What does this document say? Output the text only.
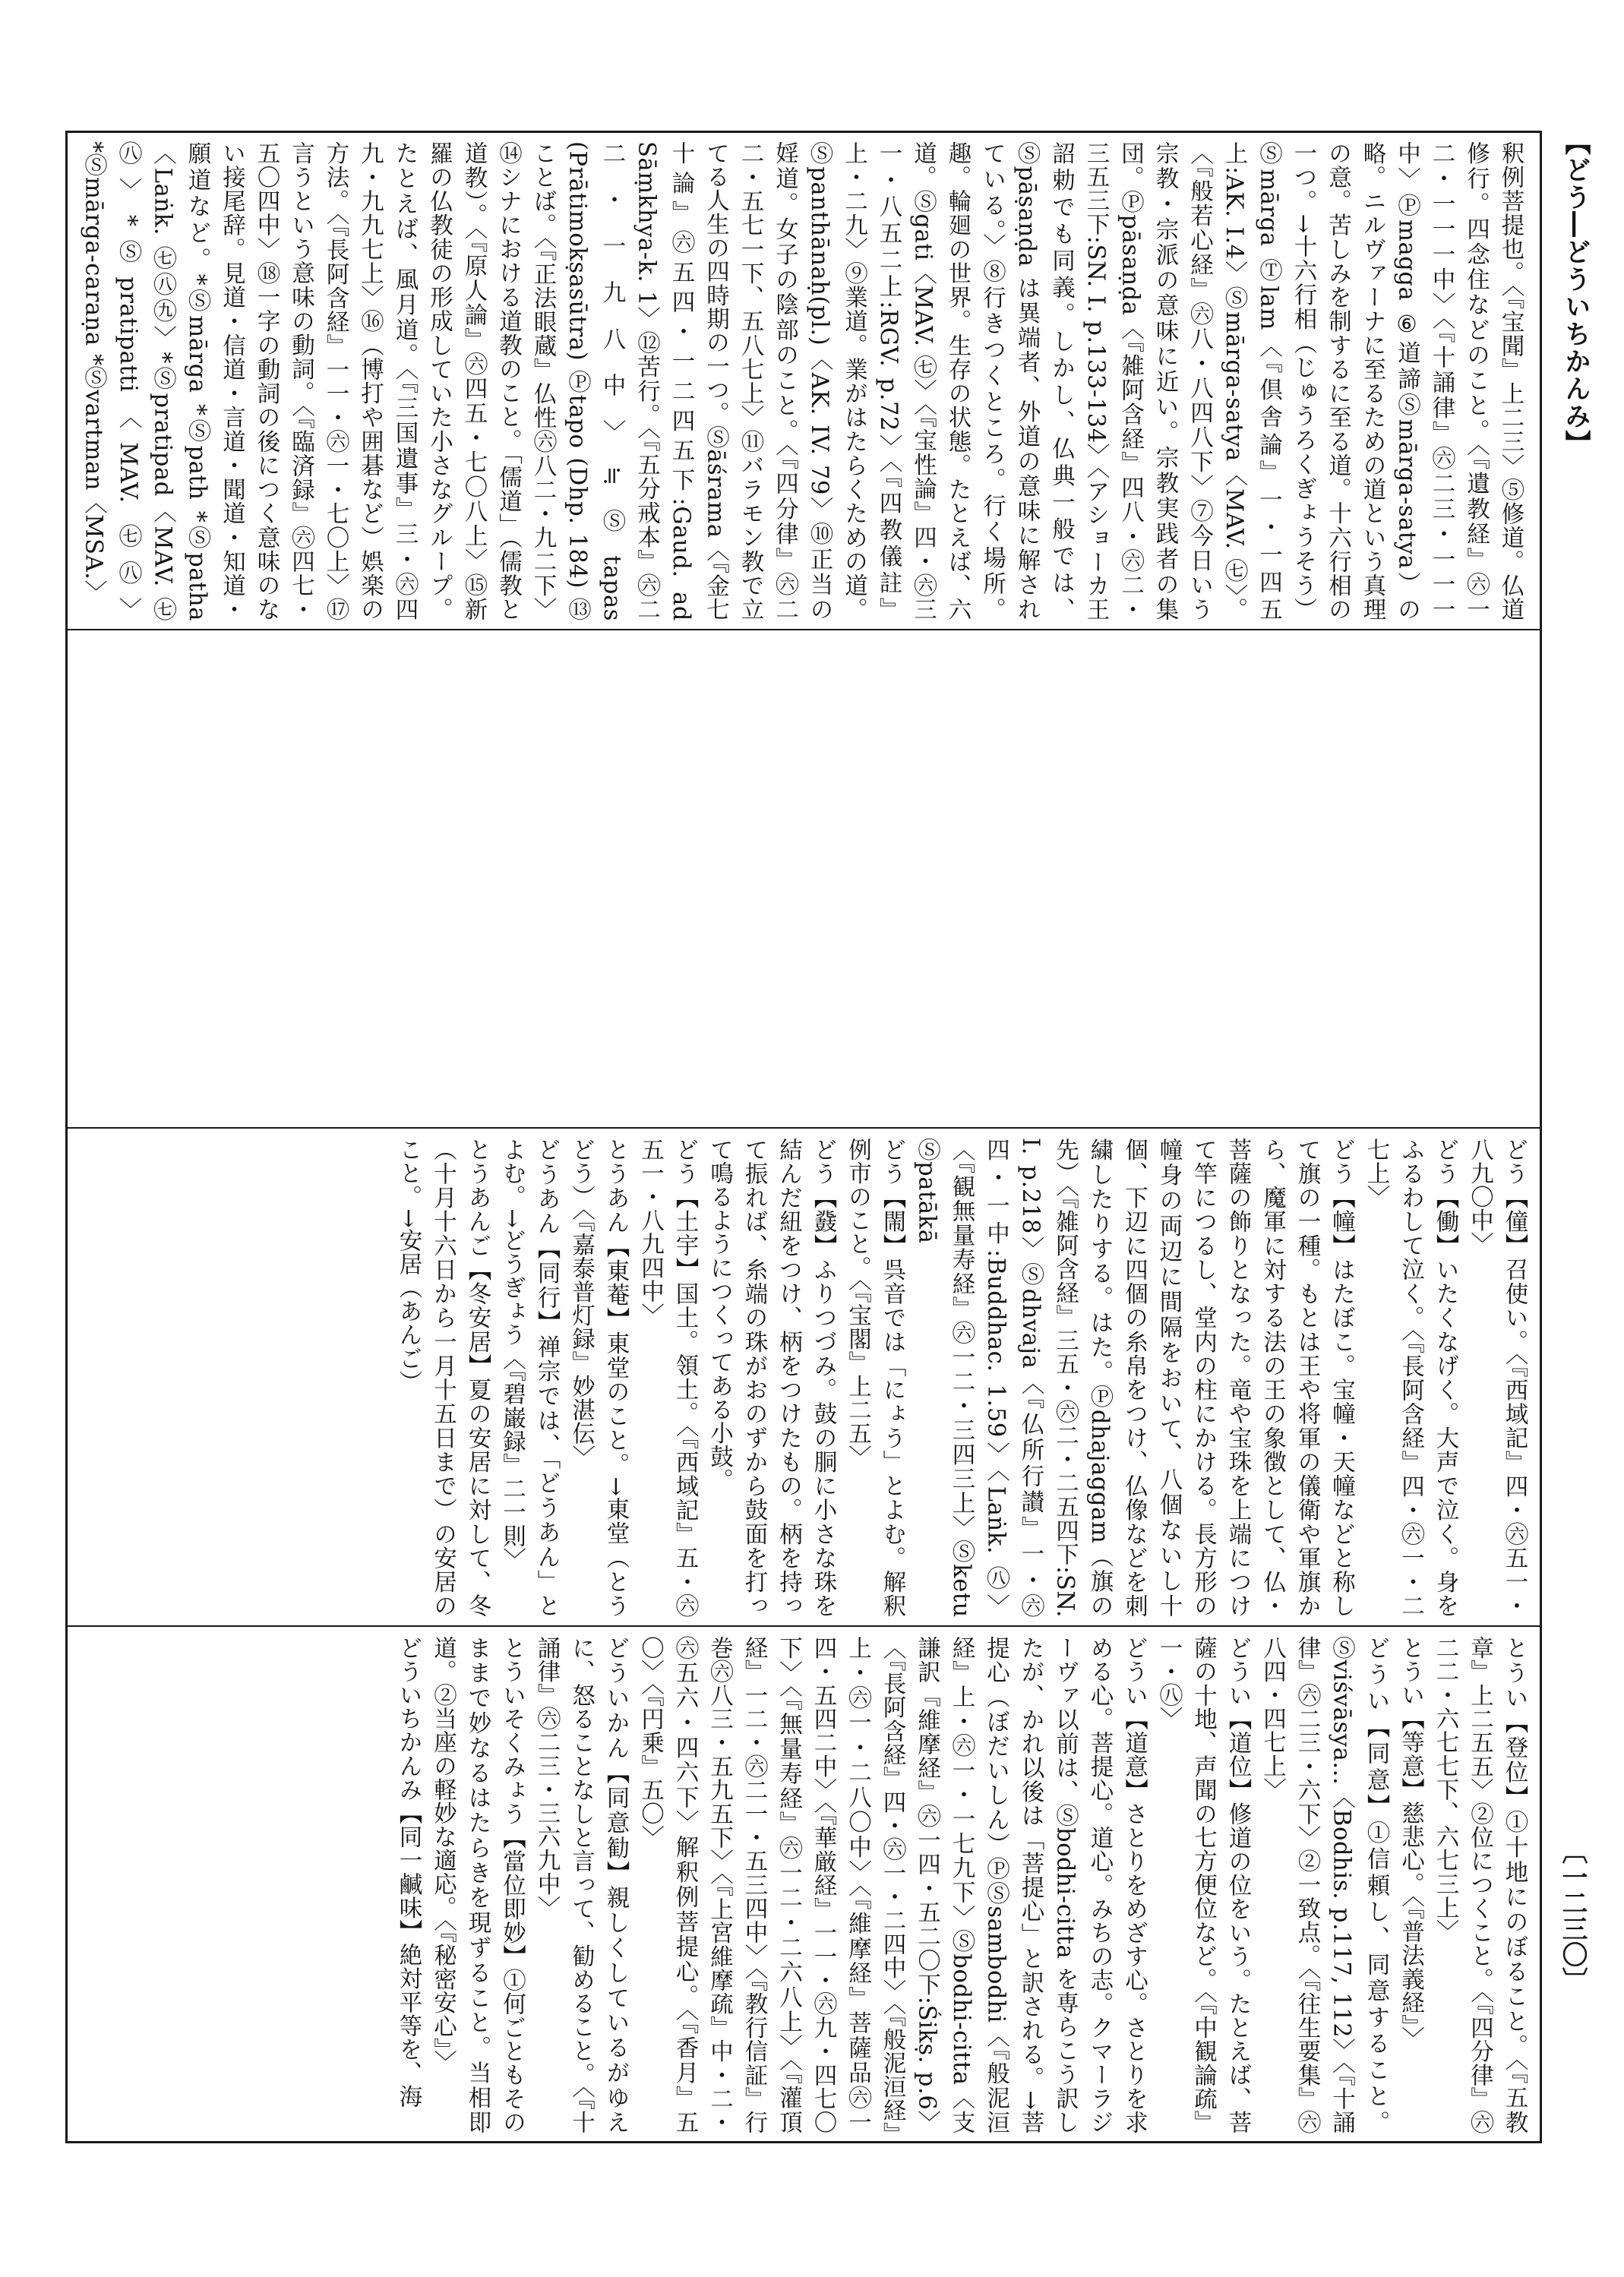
【どう―どういちかんみ】
〔一二三〇〕

釈例菩提也。〈『宝聞』上二三〉⑤修道。仏道修行。四念住などのこと。〈『遺教経』㊅一二・一一一中〉〈『十誦律』㊅二三・一一一中〉Ⓟmagga ⑥道諦Ⓢmārga-satya）の略。ニルヴァーナに至るための道という真理の意。苦しみを制するに至る道。十六行相の一つ。→十六行相（じゅうろくぎょうそう）Ⓢmārga Ⓣlam〈『倶舎論』一・一四五上:AK. I.4〉Ⓢmārga-satya〈MAV. ㊆〉。〈『般若心経』㊅八・八四八下〉⑦今日いう宗教・宗派の意味に近い。宗教実践者の集団。Ⓟpāsaṇḍa〈『雑阿含経』四八・㊅二・三五三下:SN. I. p.133-134〉〈アショーカ王詔勅でも同義。しかし、仏典一般では、Ⓢpāṣaṇḍa は異端者、外道の意味に解されている。〉⑧行きつくところ。行く場所。趣。輪廻の世界。生存の状態。たとえば、六道。Ⓢgati〈MAV. ㊆〉〈『宝性論』四・㊅三一・八五二上:RGV. p.72〉〈『四教儀註』上・二九〉⑨業道。業がはたらくための道。Ⓢpanthānaḥ(pl.)〈AK. IV. 79〉⑩正当の婬道。女子の陰部のこと。〈『四分律』㊅二二・五七一下、五八七上〉⑪バラモン教で立てる人生の四時期の一つ。Ⓢāśrama〈『金七十論』㊅五四・一二四五下:Gaud. ad Sāṃkhya-k. 1〉⑫苦行。〈『五分戒本』㊅二二・一九八中〉≒Ⓢtapas (Prātimokṣasūtra) Ⓟtapo (Dhp. 184) ⑬ことば。〈『正法眼蔵』仏性㊅八二・九二下〉⑭シナにおける道教のこと。「儒道」（儒教と道教）。〈『原人論』㊅四五・七〇八上〉⑮新羅の仏教徒の形成していた小さなグループ。たとえば、風月道。〈『三国遺事』三・㊅四九・九九七上〉⑯（博打や囲碁など）娯楽の方法。〈『長阿含経』一一・㊅一・七〇上〉⑰言うという意味の動詞。〈『臨済録』㊅四七・五〇四中〉⑱一字の動詞の後につく意味のない接尾辞。見道・信道・言道・聞道・知道・願道など。*Ⓢmārga *Ⓢpath *Ⓢpatha〈Laṅk. ㊆㊇㊈〉*Ⓢpratipad〈MAV. ㊆㊇〉*Ⓢpratipatti〈MAV. ㊆㊇〉*Ⓢmārga-caraṇa *Ⓢvartman〈MSA.〉

どう【僮】召使い。〈『西域記』四・㊅五一・八九〇中〉
どう【働】いたくなげく。大声で泣く。身をふるわして泣く。〈『長阿含経』四・㊅一・二七上〉
どう【幢】はたぼこ。宝幢・天幢などと称して旗の一種。もとは王や将軍の儀衛や軍旗から、魔軍に対する法の王の象徴として、仏・菩薩の飾りとなった。竜や宝珠を上端につけて竿につるし、堂内の柱にかける。長方形の幢身の両辺に間隔をおいて、八個ないし十個、下辺に四個の糸帛をつけ、仏像などを刺繍したりする。はた。Ⓟdhajaggam（旗の先）〈『雑阿含経』三五・㊅二・二五四下:SN. I. p.218〉Ⓢdhvaja〈『仏所行讃』一・㊅四・一中:Buddhac. 1.59〉〈Laṅk. ㊇〉〈『観無量寿経』㊅一二・三四三上〉Ⓢketu Ⓢpatākā
どう【閙】呉音では「にょう」とよむ。解釈例市のこと。〈『宝閣』上二五〉
どう【鼗】ふりつづみ。鼓の胴に小さな珠を結んだ紐をつけ、柄をつけたもの。柄を持って振れば、糸端の珠がおのずから鼓面を打って鳴るようにつくってある小鼓。
どう【土宇】国土。領土。〈『西域記』五・㊅五一・八九四中〉
とうあん【東菴】東堂のこと。→東堂（とうどう）〈『嘉泰普灯録』妙湛伝〉
どうあん【同行】禅宗では、「どうあん」とよむ。→どうぎょう〈『碧巌録』二一則〉
とうあんご【冬安居】夏の安居に対して、冬（十月十六日から一月十五日まで）の安居のこと。→安居（あんご）

とうい【登位】①十地にのぼること。〈『五教章』上二五五〉②位につくこと。〈『四分律』㊅二二・六七七下、六七三上〉
とうい【等意】慈悲心。〈『普法義経』〉
どうい【同意】①信頼し、同意すること。Ⓢviśvāsya...〈Bodhis. p.117, 112〉〈『十誦律』㊅二三・六下〉②一致点。〈『往生要集』㊅八四・四七上〉
どうい【道位】修道の位をいう。たとえば、菩薩の十地、声聞の七方便位など。〈『中観論疏』一・㊇〉
どうい【道意】さとりをめざす心。さとりを求める心。菩提心。道心。みちの志。クマーラジーヴァ以前は、Ⓢbodhi-citta を専らこう訳したが、かれ以後は「菩提心」と訳される。→菩提心（ぼだいしん）ⓅⓈsambodhi〈『般泥洹経』上・㊅一・一七九下〉Ⓢbodhi-citta〈支謙訳『維摩経』㊅一四・五二〇下:Śikṣ. p.6〉〈『長阿含経』四・㊅一・二四中〉〈『般泥洹経』上・㊅一・二八〇中〉〈『維摩経』菩薩品㊅一四・五四二中〉〈『華厳経』一一・㊅九・四七〇下〉〈『無量寿経』㊅一二・二六八上〉〈『灌頂経』一二・㊅二一・五三四中〉〈『教行信証』行巻㊅八三・五九五下〉〈『上宮維摩疏』中・二・㊅五六・四六下〉解釈例菩提心。〈『香月』五〇〉〈『円乗』五〇〉
どういかん【同意勧】親しくしているがゆえに、怒ることなしと言って、勧めること。〈『十誦律』㊅二三・三六九中〉
とういそくみょう【當位即妙】①何ごともそのままで妙なるはたらきを現ずること。当相即道。②当座の軽妙な適応。〈『秘密安心』〉
どういちかんみ【同一鹹味】絶対平等を、海
